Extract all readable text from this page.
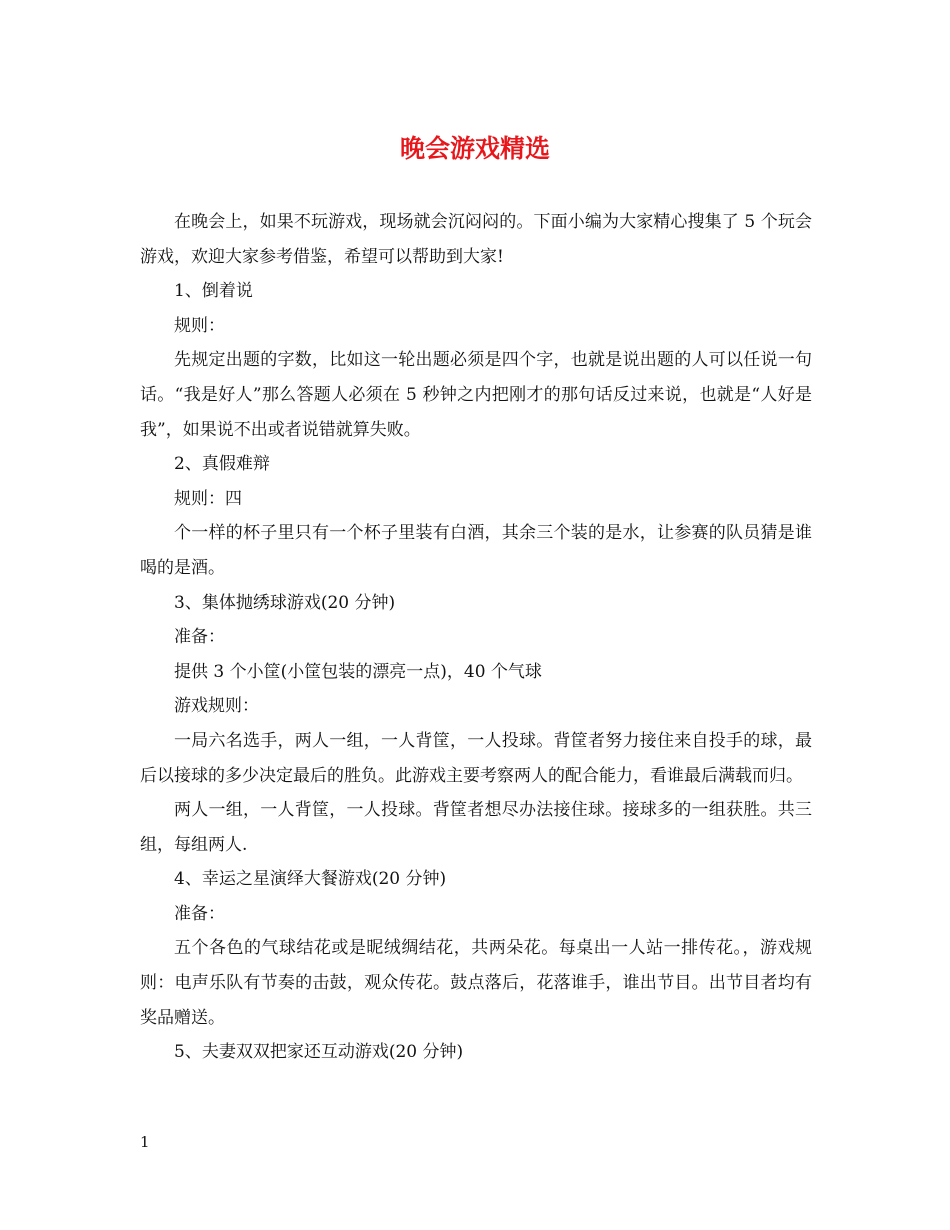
晚会游戏精选

在晚会上，如果不玩游戏，现场就会沉闷闷的。下面小编为大家精心搜集了 5 个玩会游戏，欢迎大家参考借鉴，希望可以帮助到大家!

1、倒着说

规则：

先规定出题的字数，比如这一轮出题必须是四个字，也就是说出题的人可以任说一句话。“我是好人”那么答题人必须在 5 秒钟之内把刚才的那句话反过来说，也就是“人好是我”，如果说不出或者说错就算失败。

2、真假难辩

规则：四

个一样的杯子里只有一个杯子里装有白酒，其余三个装的是水，让参赛的队员猜是谁喝的是酒。

3、集体抛绣球游戏(20 分钟)

准备：

提供 3 个小筐(小筐包装的漂亮一点)，40 个气球

游戏规则：

一局六名选手，两人一组，一人背筐，一人投球。背筐者努力接住来自投手的球，最后以接球的多少决定最后的胜负。此游戏主要考察两人的配合能力，看谁最后满载而归。

两人一组，一人背筐，一人投球。背筐者想尽办法接住球。接球多的一组获胜。共三组，每组两人.

4、幸运之星演绎大餐游戏(20 分钟)

准备：

五个各色的气球结花或是昵绒绸结花，共两朵花。每桌出一人站一排传花。，游戏规则：电声乐队有节奏的击鼓，观众传花。鼓点落后，花落谁手，谁出节目。出节目者均有奖品赠送。

5、夫妻双双把家还互动游戏(20 分钟)

1
